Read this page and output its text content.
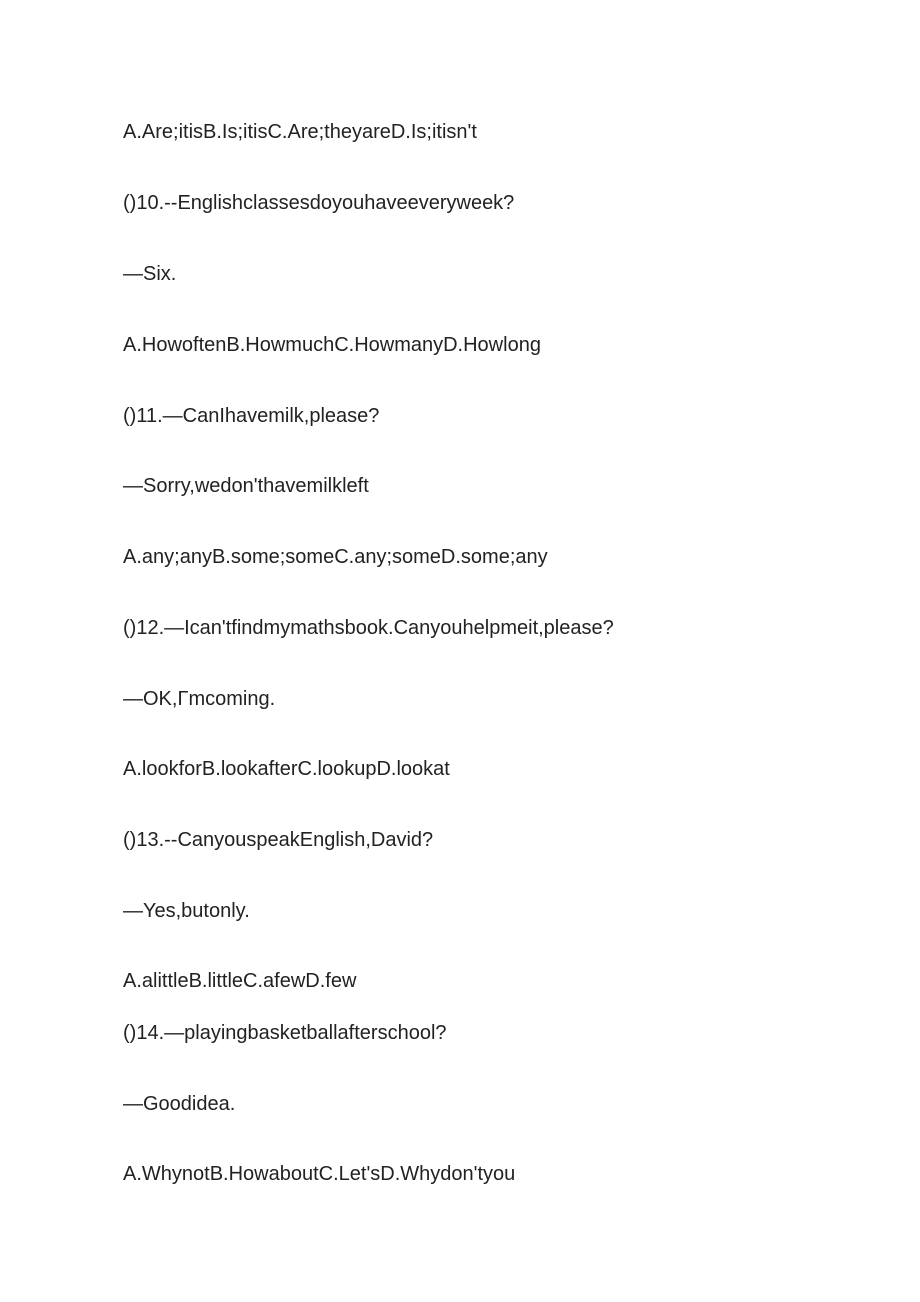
A.Are;itisB.Is;itisC.Are;theyareD.Is;itisn't

()10.--Englishclassesdoyouhaveeveryweek?

—Six.

A.HowoftenB.HowmuchC.HowmanyD.Howlong

()11.—CanIhavemilk,please?

—Sorry,wedon'thavemilkleft

A.any;anyB.some;someC.any;someD.some;any

()12.—Ican'tfindmymathsbook.Canyouhelpmeit,please?

—OK,Γmcoming.

A.lookforB.lookafterC.lookupD.lookat

()13.--CanyouspeakEnglish,David?

—Yes,butonly.

A.alittleB.littleC.afewD.few

()14.—playingbasketballafterschool?

—Goodidea.

A.WhynotB.HowaboutC.Let'sD.Whydon'tyou
